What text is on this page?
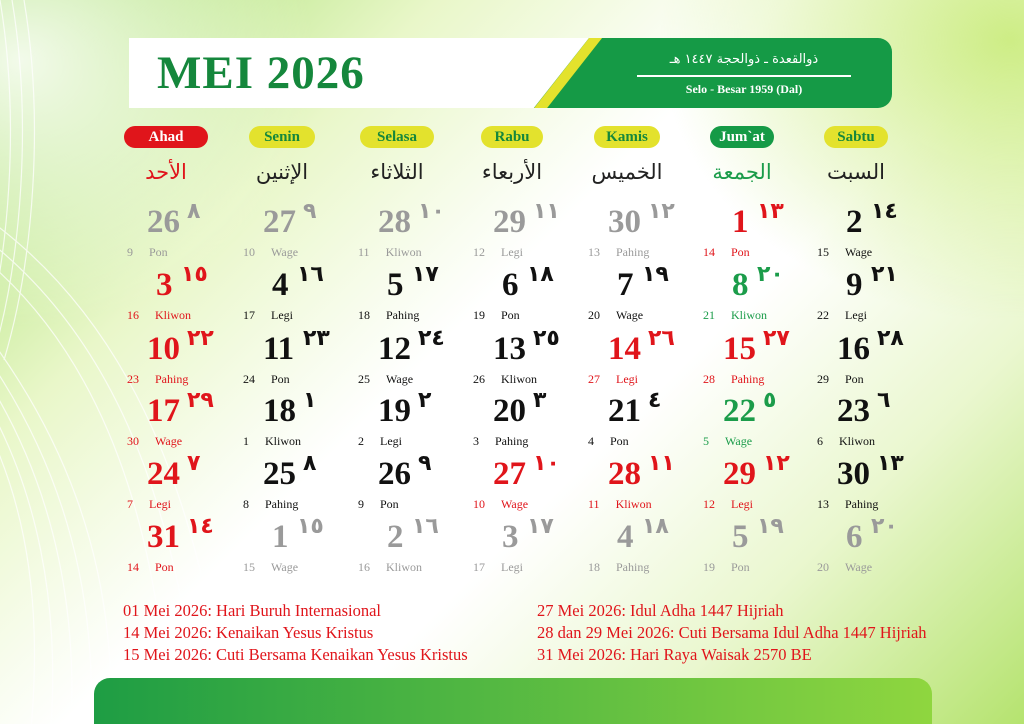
MEI 2026	ذوالقعدة ـ ذوالحجة ١٤٤٧ هـ
Selo - Besar 1959 (Dal)
Ahad
الأحد
Senin
الإثنين
Selasa
الثلاثاء
Rabu
الأربعاء
Kamis
الخميس
Jum`at
الجمعة
Sabtu
السبت
26 ٨
9 Pon
27 ٩
10 Wage
28 ١٠
11 Kliwon
29 ١١
12 Legi
30 ١٢
13 Pahing
1 ١٣
14 Pon
2 ١٤
15 Wage
3 ١٥
16 Kliwon
4 ١٦
17 Legi
5 ١٧
18 Pahing
6 ١٨
19 Pon
7 ١٩
20 Wage
8 ٢٠
21 Kliwon
9 ٢١
22 Legi
10 ٢٢
23 Pahing
11 ٢٣
24 Pon
12 ٢٤
25 Wage
13 ٢٥
26 Kliwon
14 ٢٦
27 Legi
15 ٢٧
28 Pahing
16 ٢٨
29 Pon
17 ٢٩
30 Wage
18 ١
1 Kliwon
19 ٢
2 Legi
20 ٣
3 Pahing
21 ٤
4 Pon
22 ٥
5 Wage
23 ٦
6 Kliwon
24 ٧
7 Legi
25 ٨
8 Pahing
26 ٩
9 Pon
27 ١٠
10 Wage
28 ١١
11 Kliwon
29 ١٢
12 Legi
30 ١٣
13 Pahing
31 ١٤
14 Pon
1 ١٥
15 Wage
2 ١٦
16 Kliwon
3 ١٧
17 Legi
4 ١٨
18 Pahing
5 ١٩
19 Pon
6 ٢٠
20 Wage
01 Mei 2026: Hari Buruh Internasional
14 Mei 2026: Kenaikan Yesus Kristus
15 Mei 2026: Cuti Bersama Kenaikan Yesus Kristus
27 Mei 2026: Idul Adha 1447 Hijriah
28 dan 29 Mei 2026: Cuti Bersama Idul Adha 1447 Hijriah
31 Mei 2026: Hari Raya Waisak 2570 BE
